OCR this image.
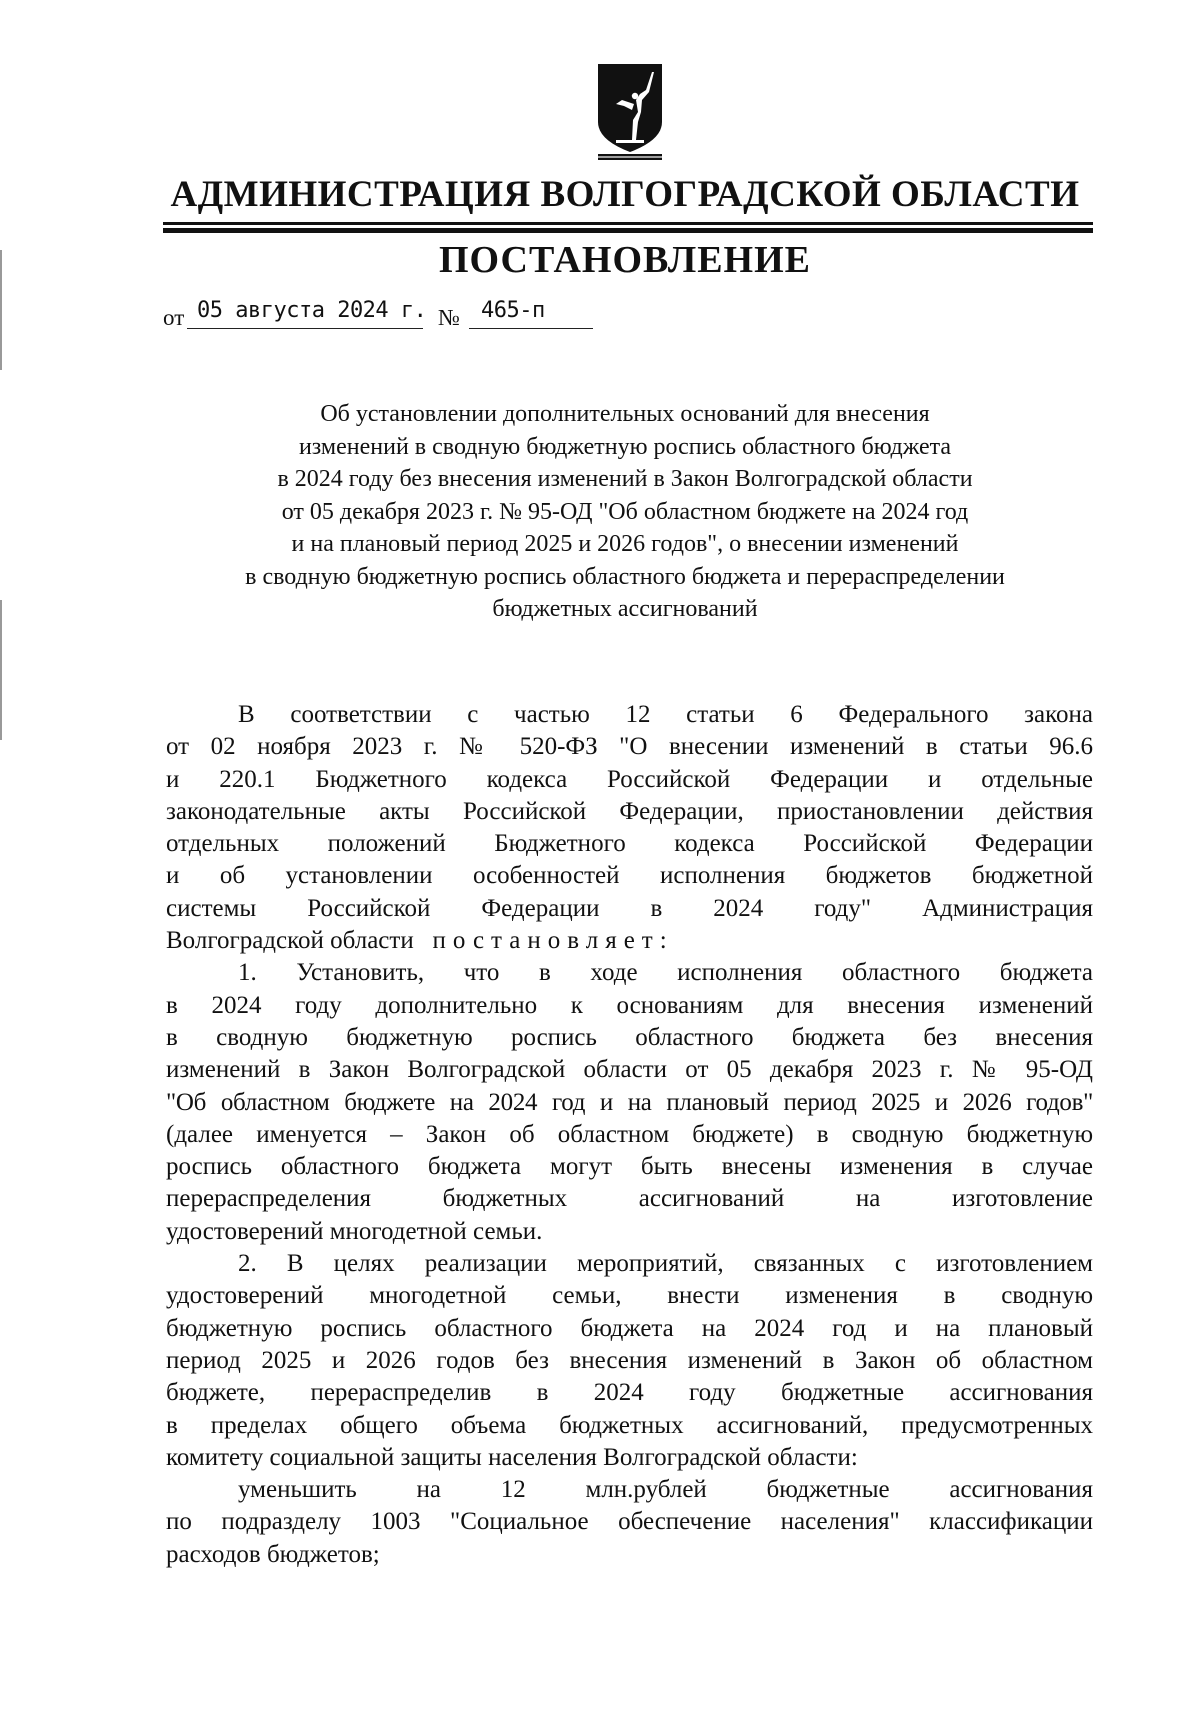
АДМИНИСТРАЦИЯ ВОЛГОГРАДСКОЙ ОБЛАСТИ
ПОСТАНОВЛЕНИЕ
от 05 августа 2024 г. № 465-п
Об установлении дополнительных оснований для внесения
изменений в сводную бюджетную роспись областного бюджета
в 2024 году без внесения изменений в Закон Волгоградской области
от 05 декабря 2023 г. № 95-ОД "Об областном бюджете на 2024 год
и на плановый период 2025 и 2026 годов", о внесении изменений
в сводную бюджетную роспись областного бюджета и перераспределении
бюджетных ассигнований
В соответствии с частью 12 статьи 6 Федерального закона
от 02 ноября 2023 г. № 520-ФЗ "О внесении изменений в статьи 96.6
и 220.1 Бюджетного кодекса Российской Федерации и отдельные
законодательные акты Российской Федерации, приостановлении действия
отдельных положений Бюджетного кодекса Российской Федерации
и об установлении особенностей исполнения бюджетов бюджетной
системы Российской Федерации в 2024 году" Администрация
Волгоградской области постановляет:
1. Установить, что в ходе исполнения областного бюджета
в 2024 году дополнительно к основаниям для внесения изменений
в сводную бюджетную роспись областного бюджета без внесения
изменений в Закон Волгоградской области от 05 декабря 2023 г. № 95-ОД
"Об областном бюджете на 2024 год и на плановый период 2025 и 2026 годов"
(далее именуется – Закон об областном бюджете) в сводную бюджетную
роспись областного бюджета могут быть внесены изменения в случае
перераспределения бюджетных ассигнований на изготовление
удостоверений многодетной семьи.
2. В целях реализации мероприятий, связанных с изготовлением
удостоверений многодетной семьи, внести изменения в сводную
бюджетную роспись областного бюджета на 2024 год и на плановый
период 2025 и 2026 годов без внесения изменений в Закон об областном
бюджете, перераспределив в 2024 году бюджетные ассигнования
в пределах общего объема бюджетных ассигнований, предусмотренных
комитету социальной защиты населения Волгоградской области:
уменьшить на 12 млн.рублей бюджетные ассигнования
по подразделу 1003 "Социальное обеспечение населения" классификации
расходов бюджетов;
